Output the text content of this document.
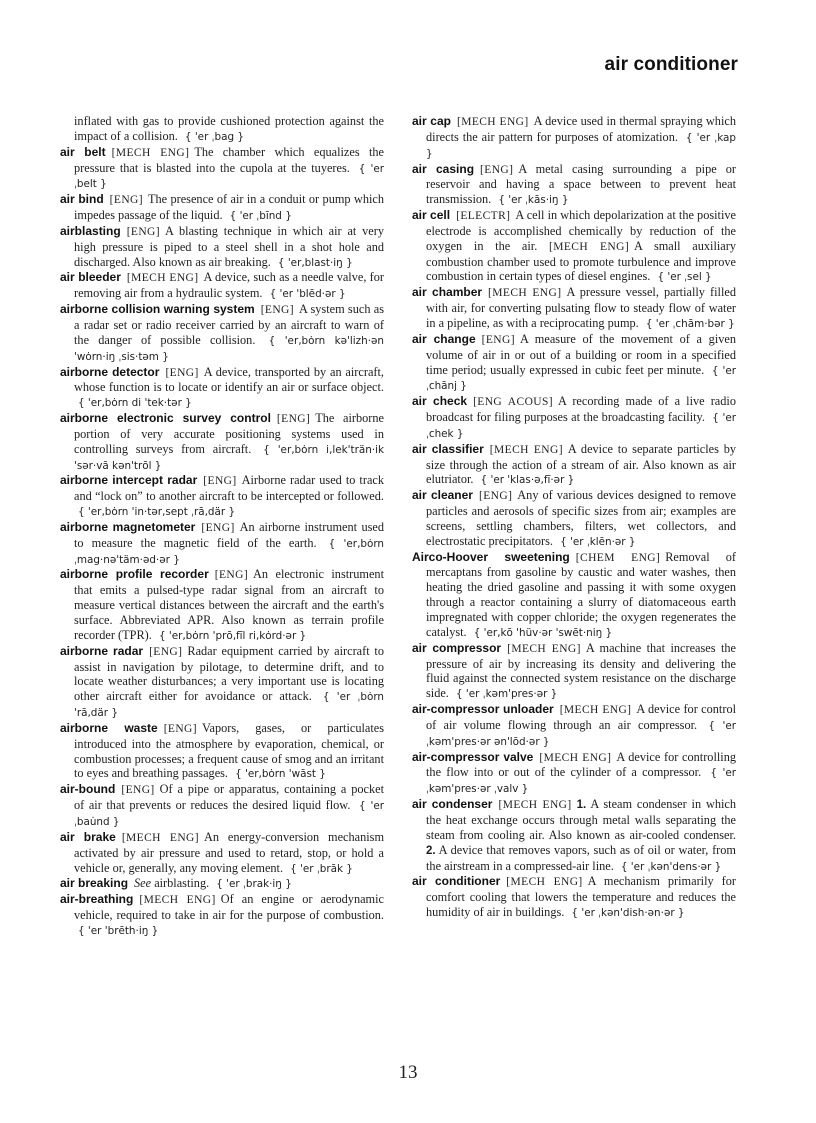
air conditioner

inflated with gas to provide cushioned protection against the impact of a collision. { 'er ˌbag }

air belt [ MECH ENG ] The chamber which equalizes the pressure that is blasted into the cupola at the tuyeres. { 'er ˌbelt }

air bind [ ENG ] The presence of air in a conduit or pump which impedes passage of the liquid. { 'er ˌbīnd }

airblasting [ ENG ] A blasting technique in which air at very high pressure is piped to a steel shell in a shot hole and discharged. Also known as air breaking. { 'er‚blast·iŋ }

air bleeder [ MECH ENG ] A device, such as a needle valve, for removing air from a hydraulic system. { 'er 'blēd·ər }

airborne collision warning system [ ENG ] A system such as a radar set or radio receiver carried by an aircraft to warn of the danger of possible collision.	{ 'er‚bȯrn kə'lizh·ən 'wȯrn·iŋ ˌsis·təm }

airborne detector [ ENG ] A device, transported by an aircraft, whose function is to locate or identify an air or surface object. { 'er‚bȯrn di 'tek·tər }

airborne electronic survey control [ ENG ] The airborne portion of very accurate positioning systems used in controlling surveys from aircraft.	{ 'er‚bȯrn i‚lek'trän·ik 'sər·vā kən'trōl }

airborne intercept radar [ ENG ] Airborne radar used to track and “lock on” to another aircraft to be intercepted or followed. { 'er‚bȯrn 'in·tər‚sept ˌrā‚där }

airborne magnetometer [ ENG ] An airborne instrument used to measure the magnetic field of the earth.	{ 'er‚bȯrn ˌmag·nə'täm·əd·ər }

airborne profile recorder [ ENG ] An electronic instrument that emits a pulsed-type radar signal from an aircraft to measure vertical distances between the aircraft and the earth's surface. Abbreviated APR. Also known as terrain profile recorder (TPR). { 'er‚bȯrn 'prō‚fīl ri‚kȯrd·ər }

airborne radar [ ENG ] Radar equipment carried by aircraft to assist in navigation by pilotage, to determine drift, and to locate weather disturbances; a very important use is locating other aircraft either for avoidance or attack. { 'er ˌbȯrn 'rā‚där }

airborne waste [ ENG ] Vapors, gases, or particulates introduced into the atmosphere by evaporation, chemical, or combustion processes; a frequent cause of smog and an irritant to eyes and breathing passages. { 'er‚bȯrn 'wāst }

air-bound [ ENG ] Of a pipe or apparatus, containing a pocket of air that prevents or reduces the desired liquid flow. { 'er ˌbau̇nd }

air brake [ MECH ENG ] An energy-conversion mechanism activated by air pressure and used to retard, stop, or hold a vehicle or, generally, any moving element. { 'er ˌbrāk }

air breaking See airblasting. { 'er ˌbrak·iŋ }

air-breathing [ MECH ENG ] Of an engine or aerodynamic vehicle, required to take in air for the purpose of combustion. { 'er 'brēth·iŋ }

air cap [ MECH ENG ] A device used in thermal spraying which directs the air pattern for purposes of atomization. { 'er ˌkap }

air casing [ ENG ] A metal casing surrounding a pipe or reservoir and having a space between to prevent heat transmission. { 'er ˌkās·iŋ }

air cell [ ELECTR ] A cell in which depolarization at the positive electrode is accomplished chemically by reduction of the oxygen in the air. [ MECH ENG ] A small auxiliary combustion chamber used to promote turbulence and improve combustion in certain types of diesel engines. { 'er ˌsel }

air chamber [ MECH ENG ] A pressure vessel, partially filled with air, for converting pulsating flow to steady flow of water in a pipeline, as with a reciprocating pump. { 'er ˌchām·bər }

air change [ ENG ] A measure of the movement of a given volume of air in or out of a building or room in a specified time period; usually expressed in cubic feet per minute. { 'er ˌchānj }

air check [ ENG ACOUS ] A recording made of a live radio broadcast for filing purposes at the broadcasting facility. { 'er ˌchek }

air classifier [ MECH ENG ] A device to separate particles by size through the action of a stream of air. Also known as air elutriator. { 'er 'klas·ə‚fī·ər }

air cleaner [ ENG ] Any of various devices designed to remove particles and aerosols of specific sizes from air; examples are screens, settling chambers, filters, wet collectors, and electrostatic precipitators. { 'er ˌklēn·ər }

Airco-Hoover sweetening [ CHEM ENG ] Removal of mercaptans from gasoline by caustic and water washes, then heating the dried gasoline and passing it with some oxygen through a reactor containing a slurry of diatomaceous earth impregnated with copper chloride; the oxygen regenerates the catalyst. { 'er‚kō 'hüv·ər 'swēt·niŋ }

air compressor [ MECH ENG ] A machine that increases the pressure of air by increasing its density and delivering the fluid against the connected system resistance on the discharge side. { 'er ˌkəm'pres·ər }

air-compressor unloader [ MECH ENG ] A device for control of air volume flowing through an air compressor. { 'er ˌkəm'pres·ər ən'lōd·ər }

air-compressor valve [ MECH ENG ] A device for controlling the flow into or out of the cylinder of a compressor. { 'er ˌkəm'pres·ər ˌvalv }

air condenser [ MECH ENG ] 1. A steam condenser in which the heat exchange occurs through metal walls separating the steam from cooling air. Also known as air-cooled condenser. 2. A device that removes vapors, such as of oil or water, from the airstream in a compressed-air line. { 'er ˌkən'dens·ər }

air conditioner [ MECH ENG ] A mechanism primarily for comfort cooling that lowers the temperature and reduces the humidity of air in buildings. { 'er ˌkən'dish·ən·ər }

13
